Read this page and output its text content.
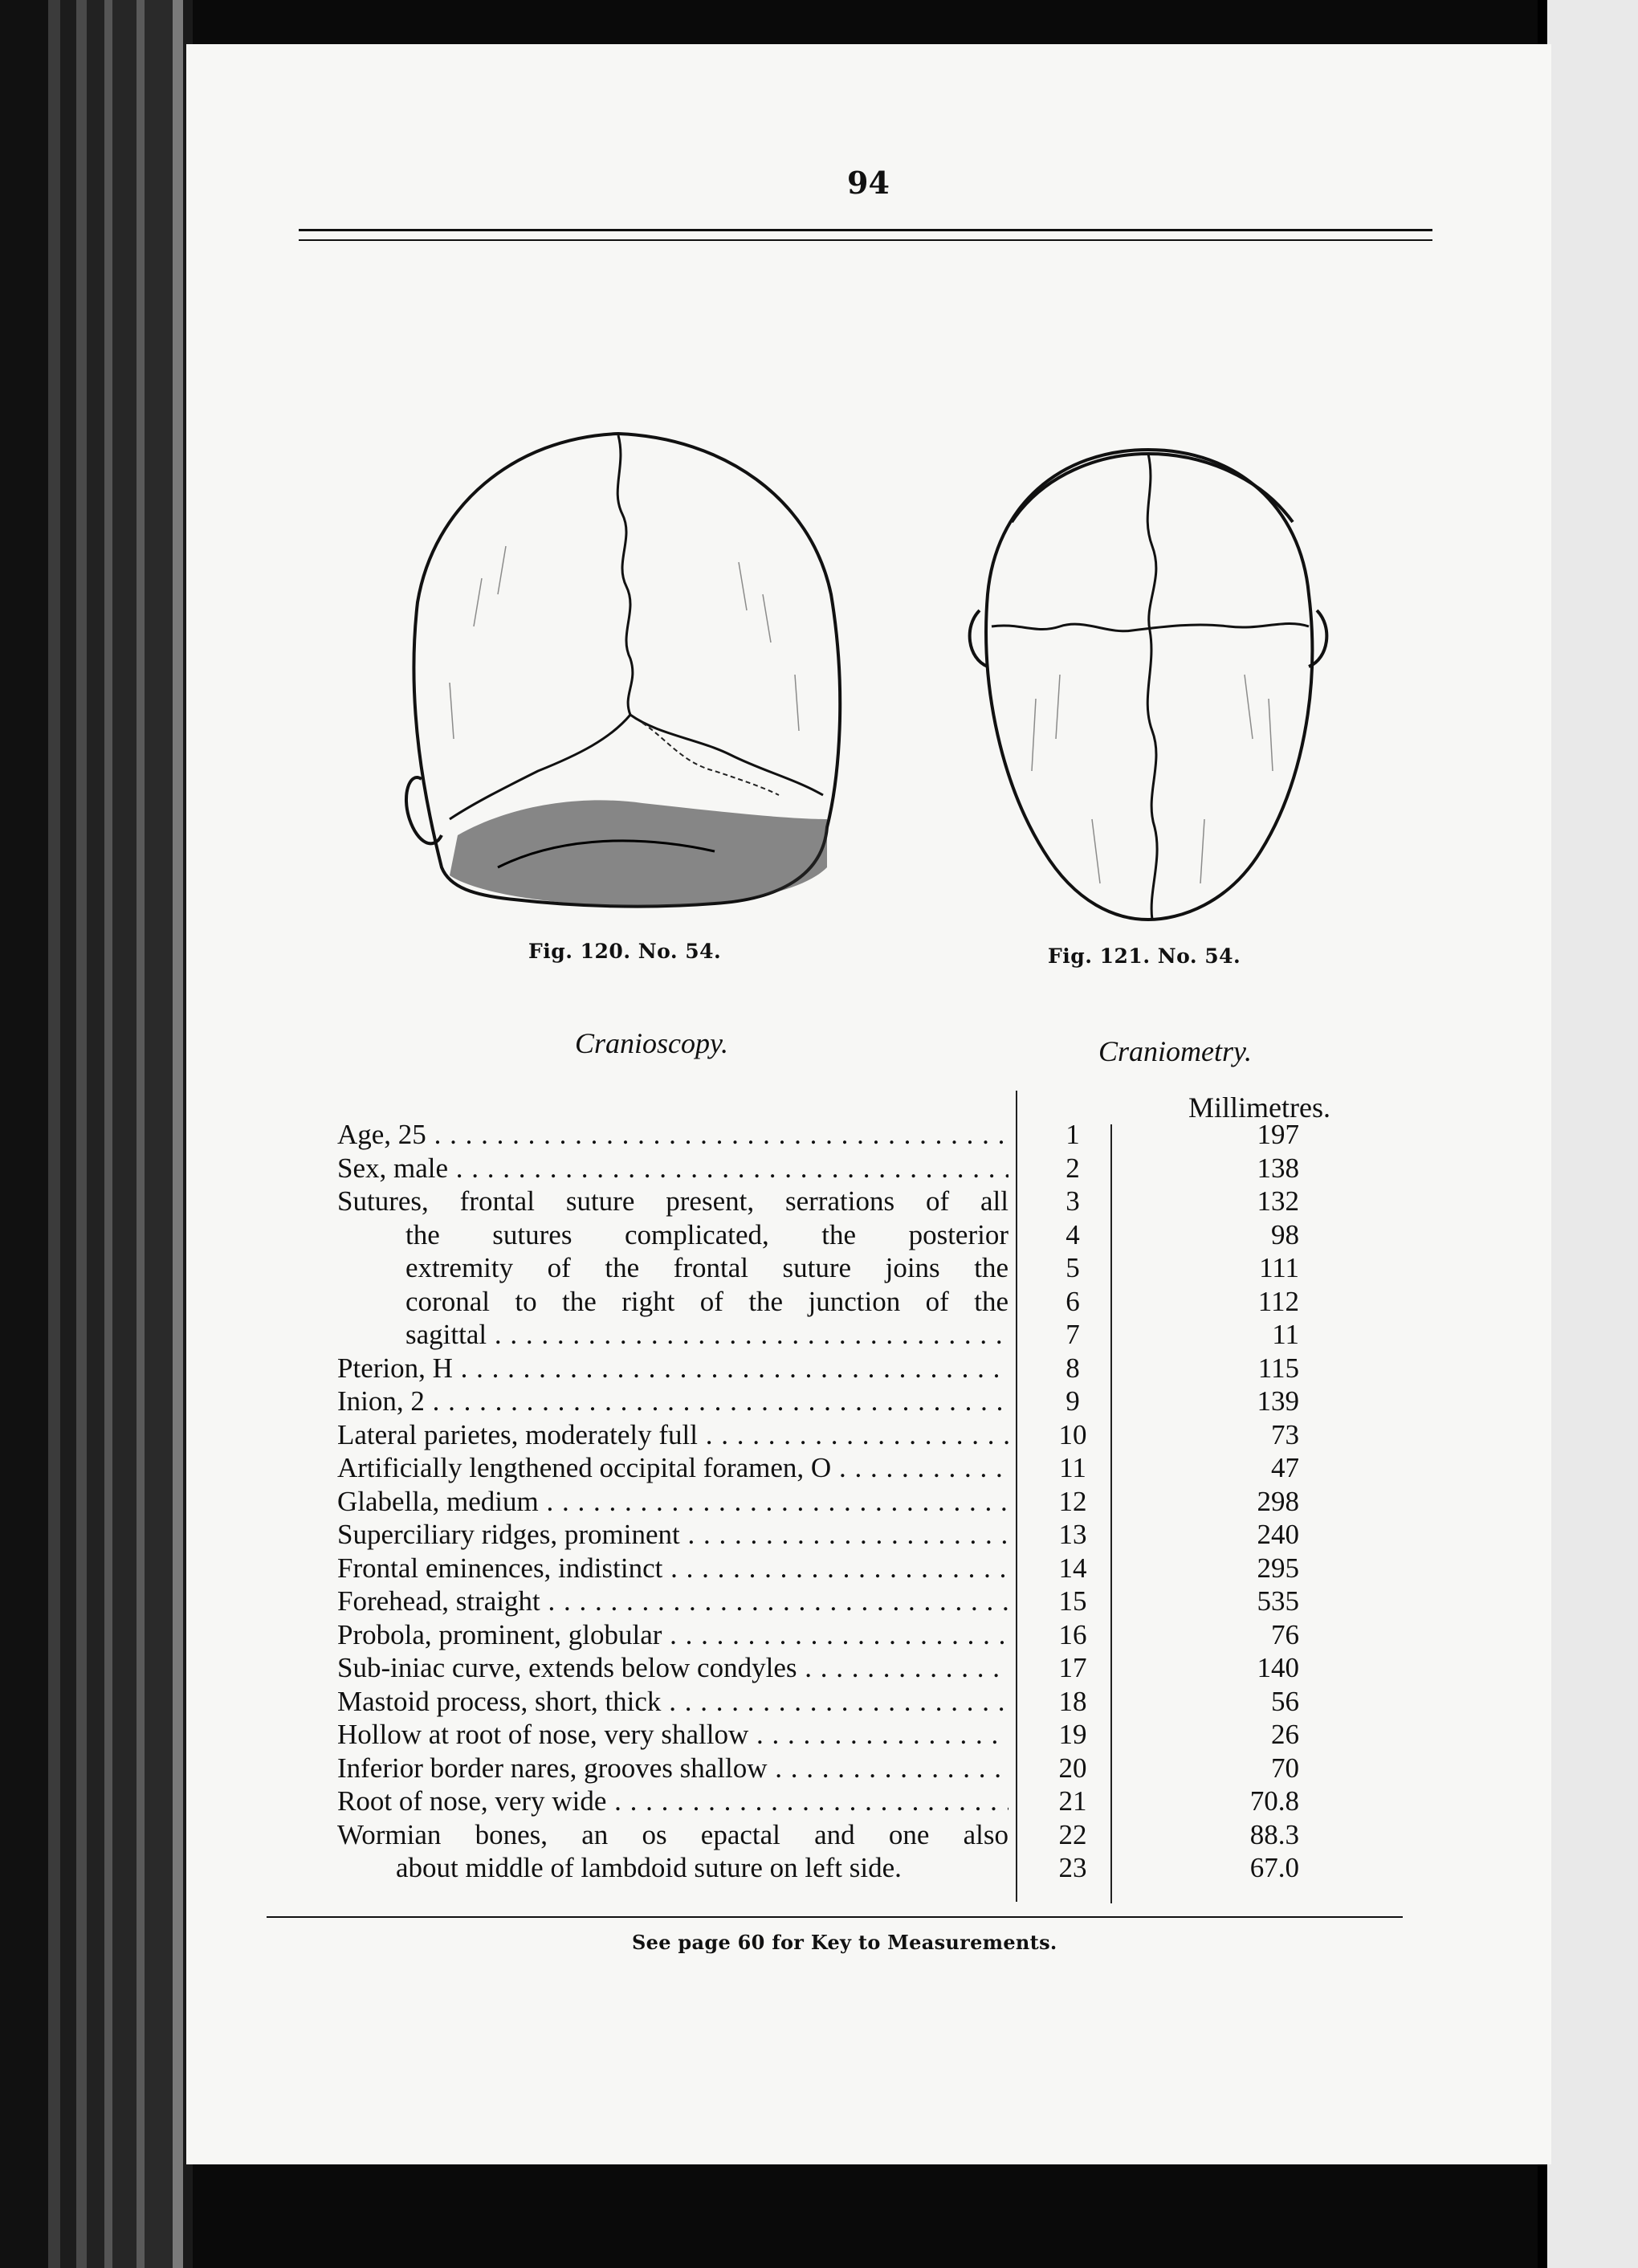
94
Fig. 120. No. 54.	Fig. 121. No. 54.
Cranioscopy.	Craniometry.
Millimetres.
Age, 25 . . .	1	197
Sex, male . . .	2	138
Sutures, frontal suture present, serrations of all	3	132
the sutures complicated, the posterior	4	98
extremity of the frontal suture joins the	5	111
coronal to the right of the junction of the	6	112
sagittal . . .	7	11
Pterion, H . . .	8	115
Inion, 2 . . .	9	139
Lateral parietes, moderately full . . .	10	73
Artificially lengthened occipital foramen, O . . .	11	47
Glabella, medium . . .	12	298
Superciliary ridges, prominent . . .	13	240
Frontal eminences, indistinct . . .	14	295
Forehead, straight . . .	15	535
Probola, prominent, globular . . .	16	76
Sub-iniac curve, extends below condyles . . .	17	140
Mastoid process, short, thick . . .	18	56
Hollow at root of nose, very shallow . . .	19	26
Inferior border nares, grooves shallow . . .	20	70
Root of nose, very wide . . .	21	70.8
Wormian bones, an os epactal and one also	22	88.3
about middle of lambdoid suture on left side.	23	67.0
See page 60 for Key to Measurements.
